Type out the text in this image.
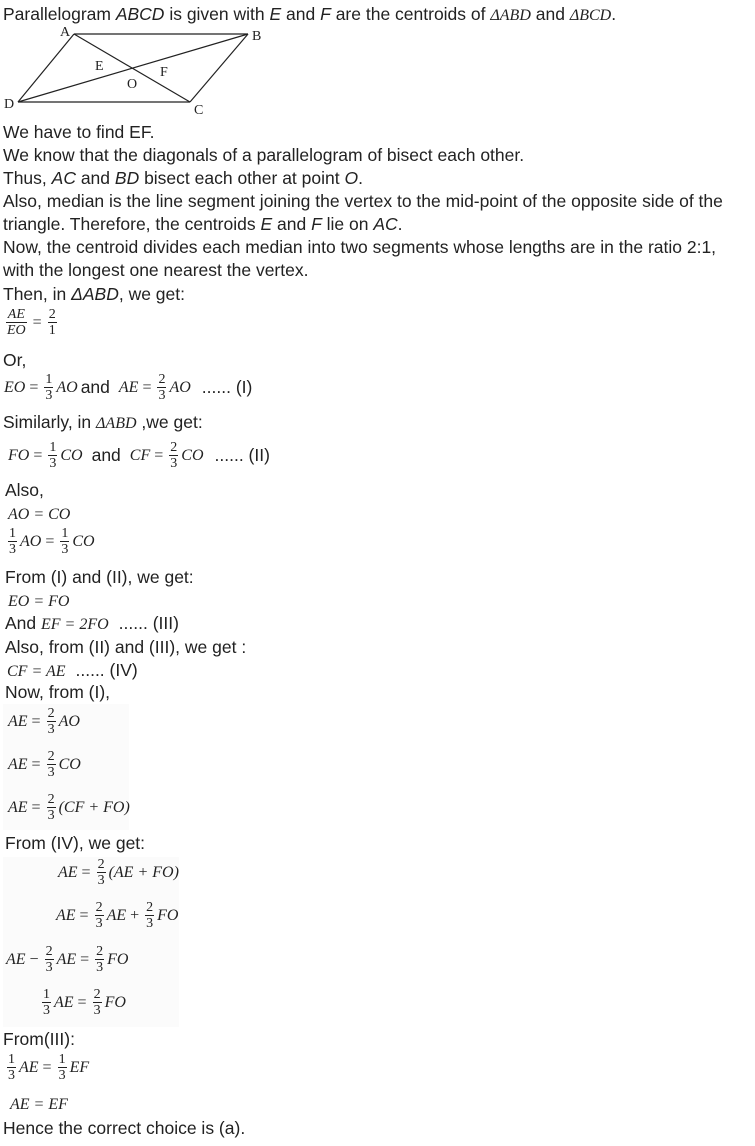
Parallelogram ABCD is given with E and F are the centroids of ΔABD and ΔBCD.
A	B
C
D
E	F
O
We have to find EF.
We know that the diagonals of a parallelogram of bisect each other.
Thus, AC and BD bisect each other at point O.
Also, median is the line segment joining the vertex to the mid-point of the opposite side of the
triangle. Therefore, the centroids E and F lie on AC.
Now, the centroid divides each median into two segments whose lengths are in the ratio 2:1,
with the longest one nearest the vertex.
Then, in ΔABD, we get:
$\frac{AE}{EO} = \frac{2}{1}$
Or,
EO = $\frac{1}{3}$ AO and AE = $\frac{2}{3}$ AO ...... (I)
Similarly, in ΔABD ,we get:
FO = $\frac{1}{3}$ CO and CF = $\frac{2}{3}$ CO ...... (II)
Also,
AO = CO
$\frac{1}{3}$ AO = $\frac{1}{3}$ CO
From (I) and (II), we get:
EO = FO
And EF = 2FO ...... (III)
Also, from (II) and (III), we get :
CF = AE ...... (IV)
Now, from (I),
AE = $\frac{2}{3}$ AO
AE = $\frac{2}{3}$ CO
AE = $\frac{2}{3} (CF + FO)$
From (IV), we get:
AE = $\frac{2}{3} (AE + FO)$
AE = $\frac{2}{3}$ AE + $\frac{2}{3}$ FO
AE − $\frac{2}{3}$ AE = $\frac{2}{3}$ FO
$\frac{1}{3}$ AE = $\frac{2}{3}$ FO
From(III):
$\frac{1}{3}$ AE = $\frac{1}{3}$ EF
AE = EF
Hence the correct choice is (a).
